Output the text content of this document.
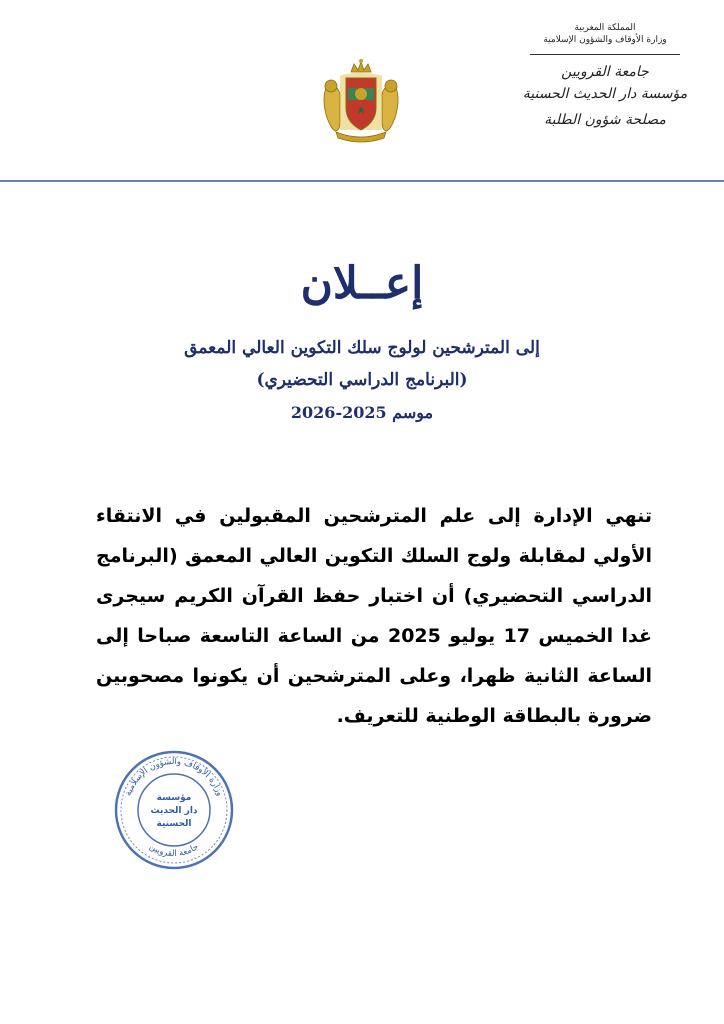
المملكة المغربية
وزارة الأوقاف والشؤون الإسلامية
جامعة القرويين
مؤسسة دار الحديث الحسنية
مصلحة شؤون الطلبة
إعــلان
إلى المترشحين لولوج سلك التكوين العالي المعمق
(البرنامج الدراسي التحضيري)
موسم 2025-2026
تنهي الإدارة إلى علم المترشحين المقبولين في الانتقاء الأولي لمقابلة ولوج السلك التكوين العالي المعمق (البرنامج الدراسي التحضيري) أن اختبار حفظ القرآن الكريم سيجرى غدا الخميس 17 يوليو 2025 من الساعة التاسعة صباحا إلى الساعة الثانية ظهرا، وعلى المترشحين أن يكونوا مصحوبين ضرورة بالبطاقة الوطنية للتعريف.
وزارة الأوقاف والشؤون الإسلامية
جامعة القرويين
مؤسسة
دار الحديث
الحسنية
